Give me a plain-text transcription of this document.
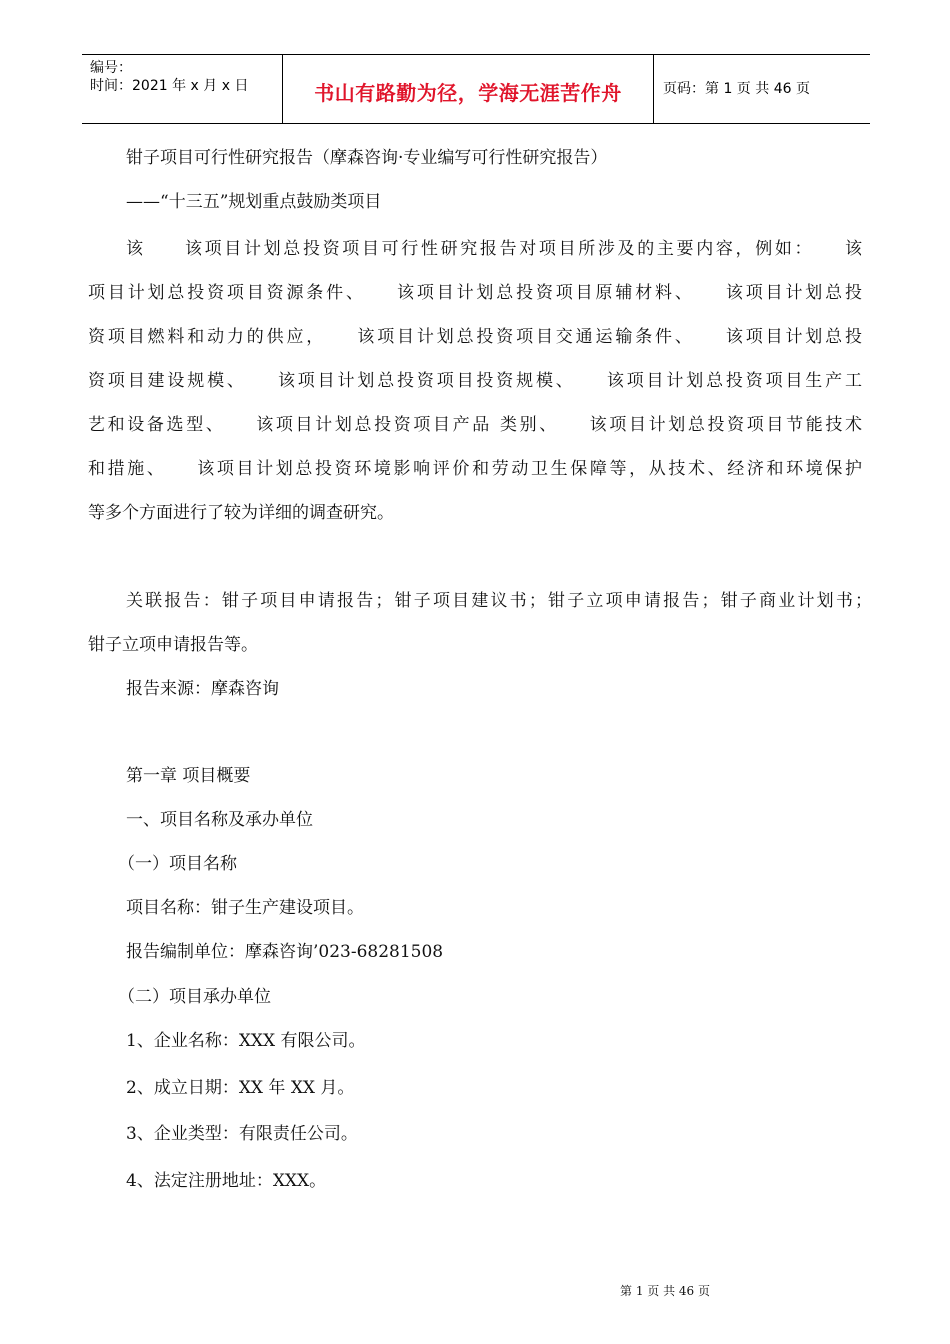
编号：
时间：2021 年 x 月 x 日	书山有路勤为径，学海无涯苦作舟	页码：第 1 页 共 46 页
钳子项目可行性研究报告（摩森咨询·专业编写可行性研究报告）
——“十三五”规划重点鼓励类项目
该　　该项目计划总投资项目可行性研究报告对项目所涉及的主要内容，例如：　　该
项目计划总投资项目资源条件、　　该项目计划总投资项目原辅材料、　　该项目计划总投
资项目燃料和动力的供应，　　该项目计划总投资项目交通运输条件、　　该项目计划总投
资项目建设规模、　　该项目计划总投资项目投资规模、　　该项目计划总投资项目生产工
艺和设备选型、　　该项目计划总投资项目产品 类别、　　该项目计划总投资项目节能技术
和措施、　　该项目计划总投资环境影响评价和劳动卫生保障等，从技术、经济和环境保护
等多个方面进行了较为详细的调查研究。
关联报告：钳子项目申请报告；钳子项目建议书；钳子立项申请报告；钳子商业计划书；
钳子立项申请报告等。
报告来源：摩森咨询
第一章 项目概要
一、项目名称及承办单位
（一）项目名称
项目名称：钳子生产建设项目。
报告编制单位：摩森咨询’023-68281508
（二）项目承办单位
1、企业名称：XXX 有限公司。
2、成立日期：XX 年 XX 月。
3、企业类型：有限责任公司。
4、法定注册地址：XXX。
第 1 页 共 46 页
